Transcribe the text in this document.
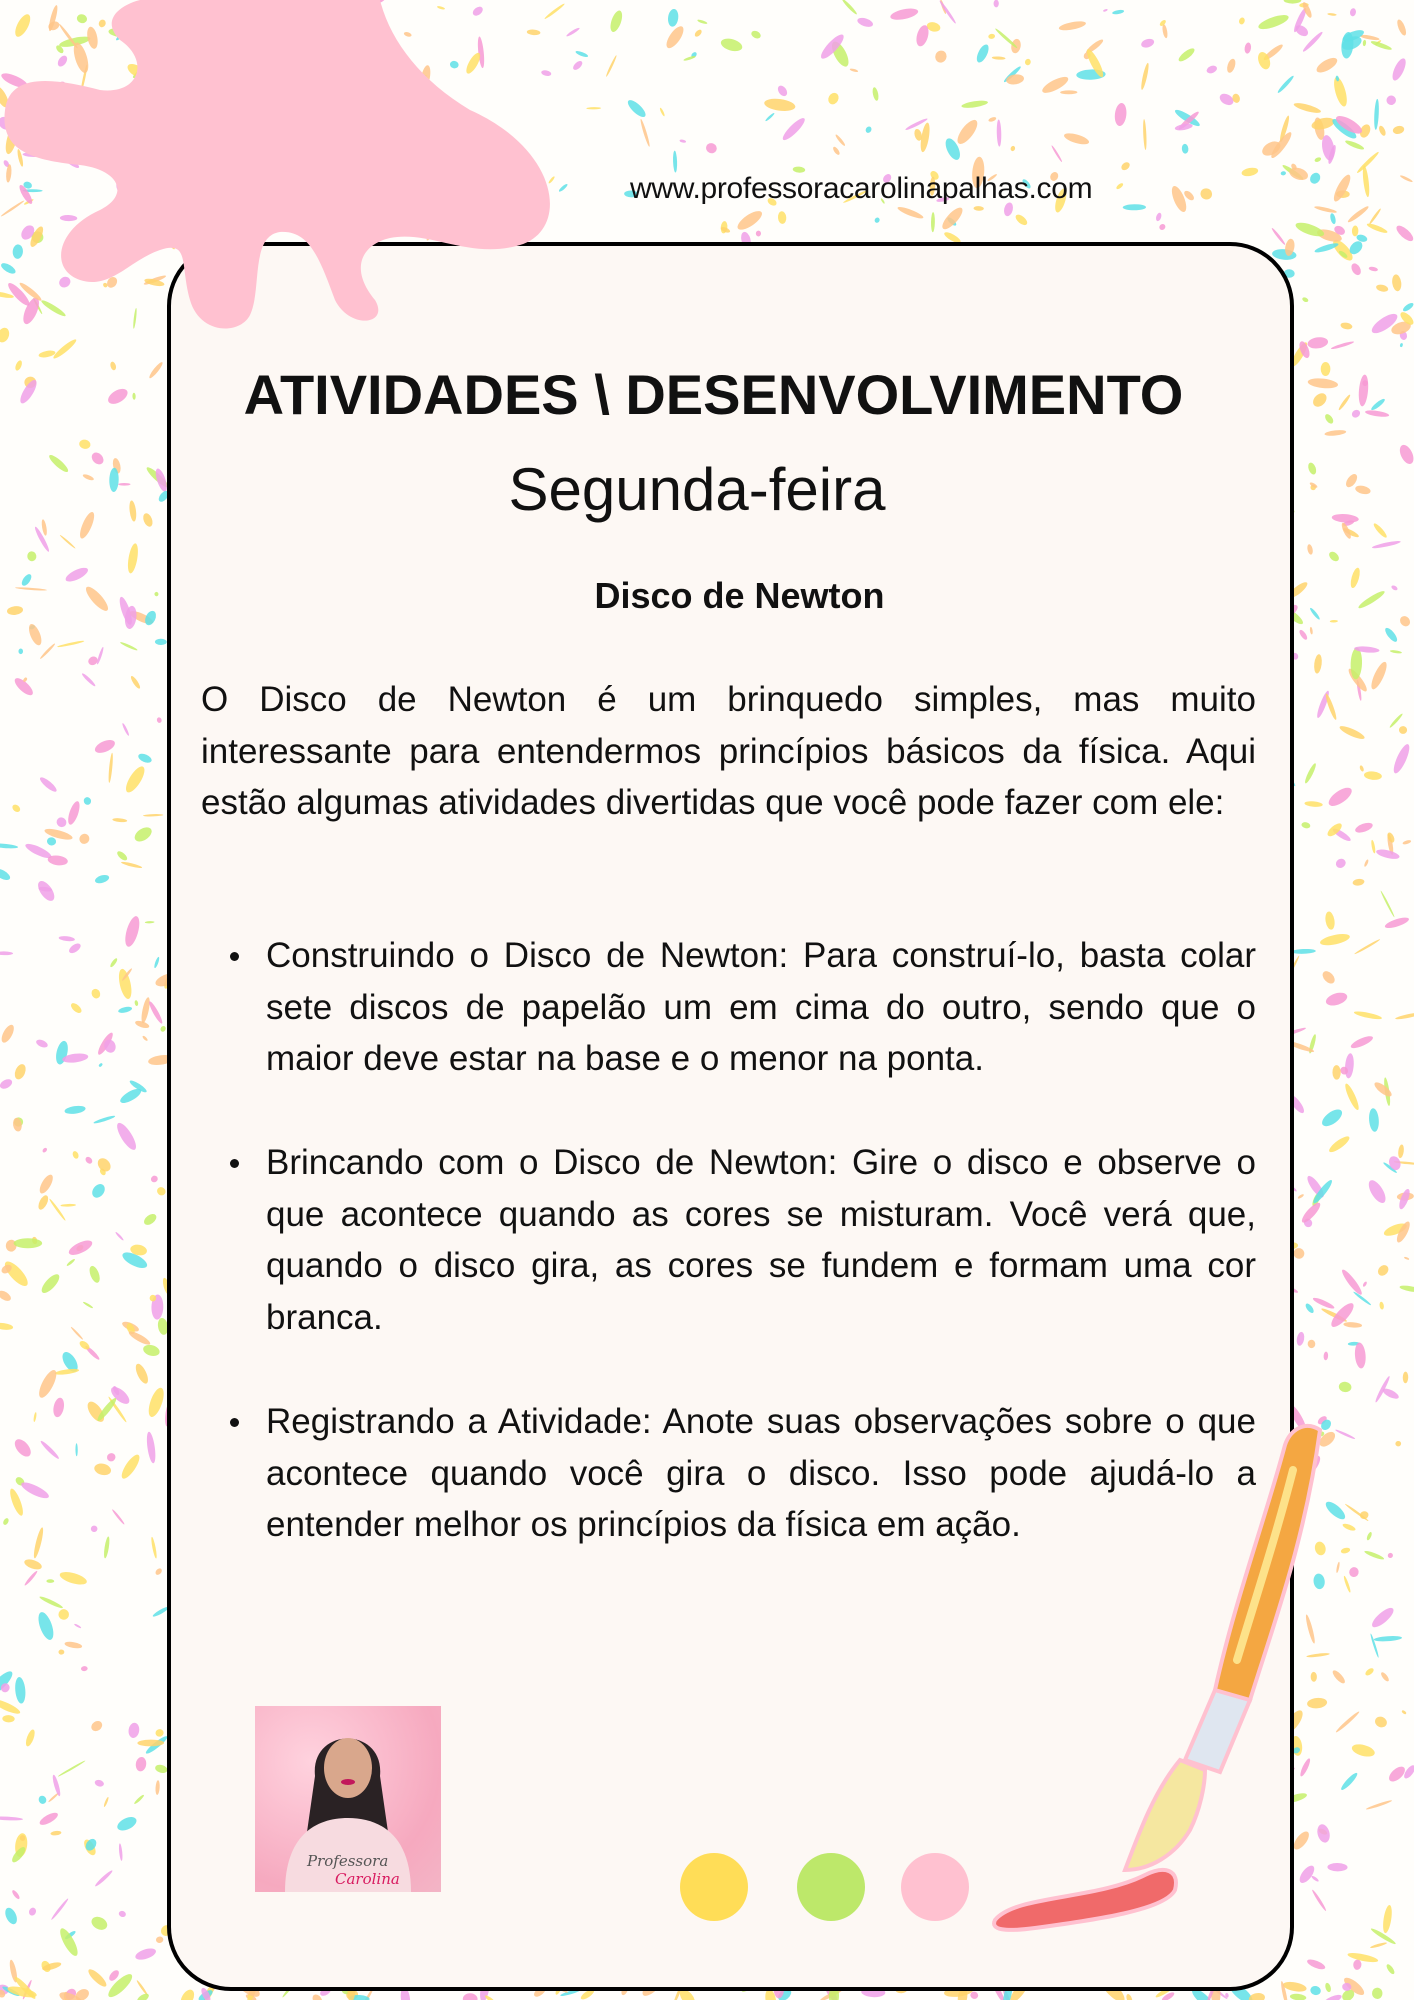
www.professoracarolinapalhas.com
ATIVIDADES \ DESENVOLVIMENTO
Segunda-feira
Disco de Newton
O Disco de Newton é um brinquedo simples, mas muito interessante para entendermos princípios básicos da física. Aqui estão algumas atividades divertidas que você pode fazer com ele:
Construindo o Disco de Newton: Para construí-lo, basta colar sete discos de papelão um em cima do outro, sendo que o maior deve estar na base e o menor na ponta.
Brincando com o Disco de Newton: Gire o disco e observe o que acontece quando as cores se misturam. Você verá que, quando o disco gira, as cores se fundem e formam uma cor branca.
Registrando a Atividade: Anote suas observações sobre o que acontece quando você gira o disco. Isso pode ajudá-lo a entender melhor os princípios da física em ação.
Professora
Carolina
